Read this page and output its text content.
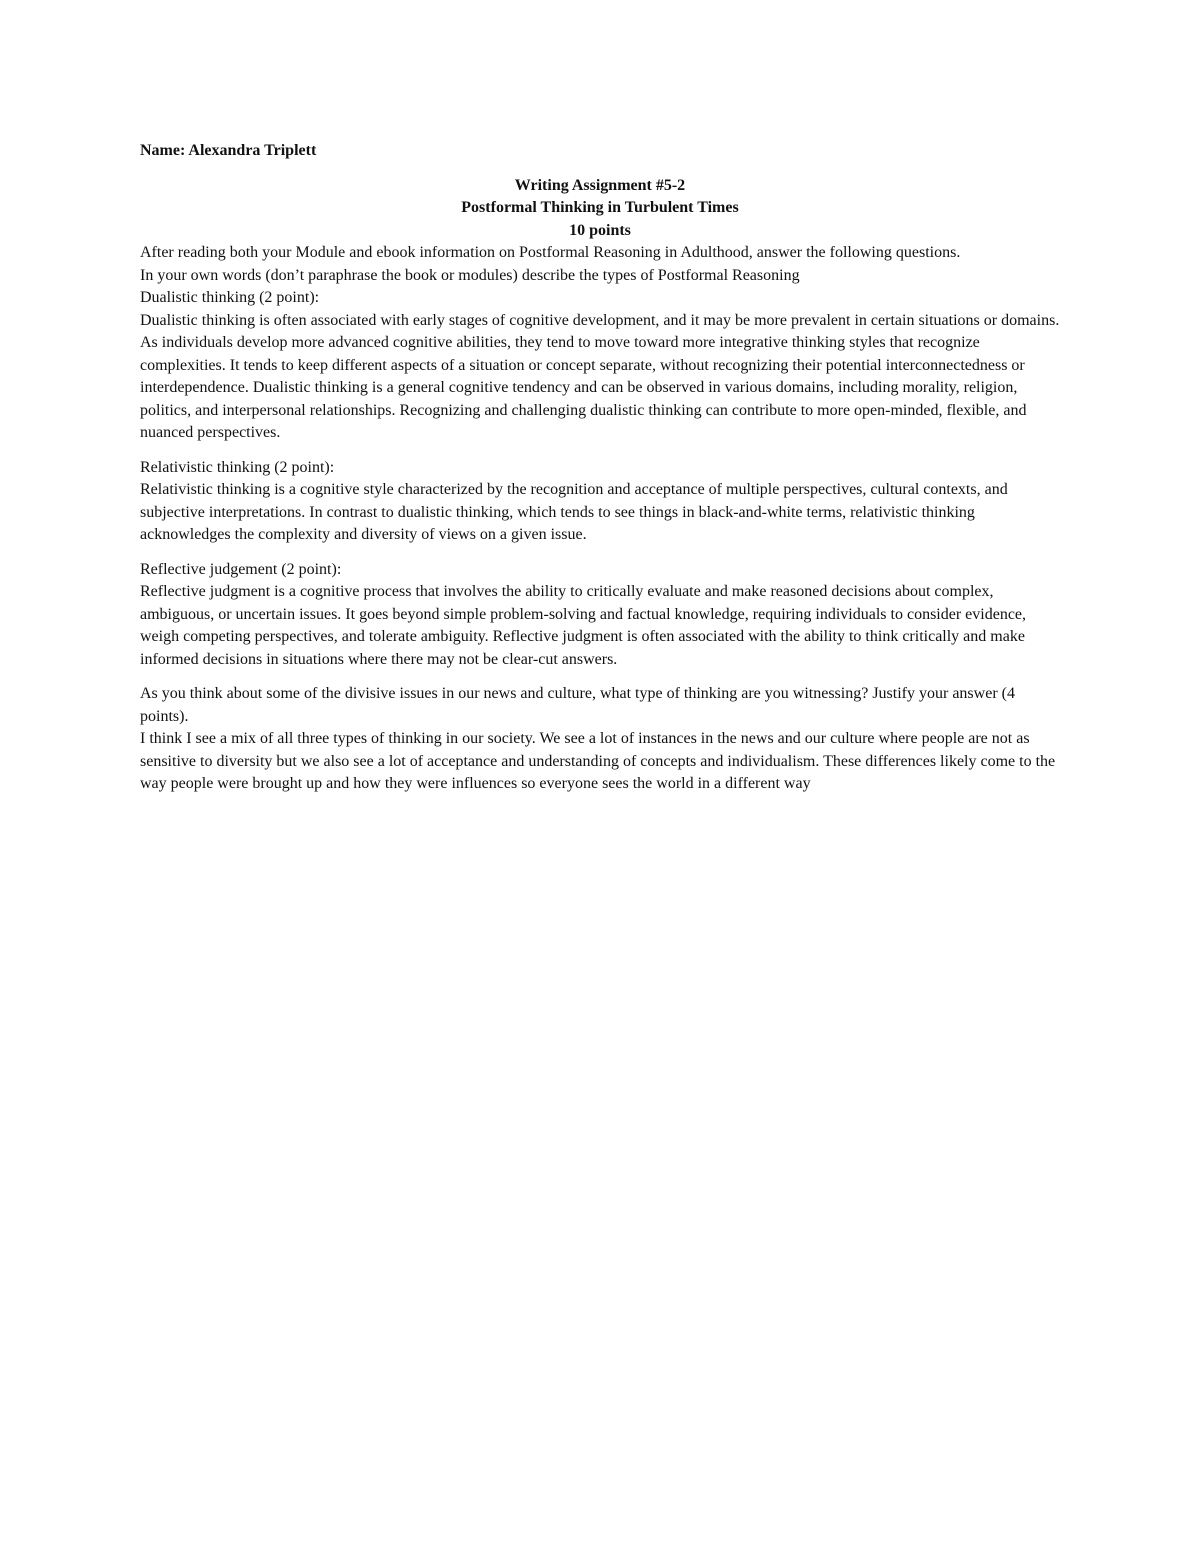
Name: Alexandra Triplett
Writing Assignment #5-2
Postformal Thinking in Turbulent Times
10 points

After reading both your Module and ebook information on Postformal Reasoning in Adulthood, answer the following questions.

In your own words (don’t paraphrase the book or modules) describe the types of Postformal Reasoning

Dualistic thinking (2 point):

Dualistic thinking is often associated with early stages of cognitive development, and it may be more prevalent in certain situations or domains. As individuals develop more advanced cognitive abilities, they tend to move toward more integrative thinking styles that recognize complexities. It tends to keep different aspects of a situation or concept separate, without recognizing their potential interconnectedness or interdependence. Dualistic thinking is a general cognitive tendency and can be observed in various domains, including morality, religion, politics, and interpersonal relationships. Recognizing and challenging dualistic thinking can contribute to more open-minded, flexible, and nuanced perspectives.

Relativistic thinking (2 point):

Relativistic thinking is a cognitive style characterized by the recognition and acceptance of multiple perspectives, cultural contexts, and subjective interpretations. In contrast to dualistic thinking, which tends to see things in black-and-white terms, relativistic thinking acknowledges the complexity and diversity of views on a given issue.

Reflective judgement (2 point):

Reflective judgment is a cognitive process that involves the ability to critically evaluate and make reasoned decisions about complex, ambiguous, or uncertain issues. It goes beyond simple problem-solving and factual knowledge, requiring individuals to consider evidence, weigh competing perspectives, and tolerate ambiguity. Reflective judgment is often associated with the ability to think critically and make informed decisions in situations where there may not be clear-cut answers.

As you think about some of the divisive issues in our news and culture, what type of thinking are you witnessing? Justify your answer (4 points).

I think I see a mix of all three types of thinking in our society. We see a lot of instances in the news and our culture where people are not as sensitive to diversity but we also see a lot of acceptance and understanding of concepts and individualism. These differences likely come to the way people were brought up and how they were influences so everyone sees the world in a different way
